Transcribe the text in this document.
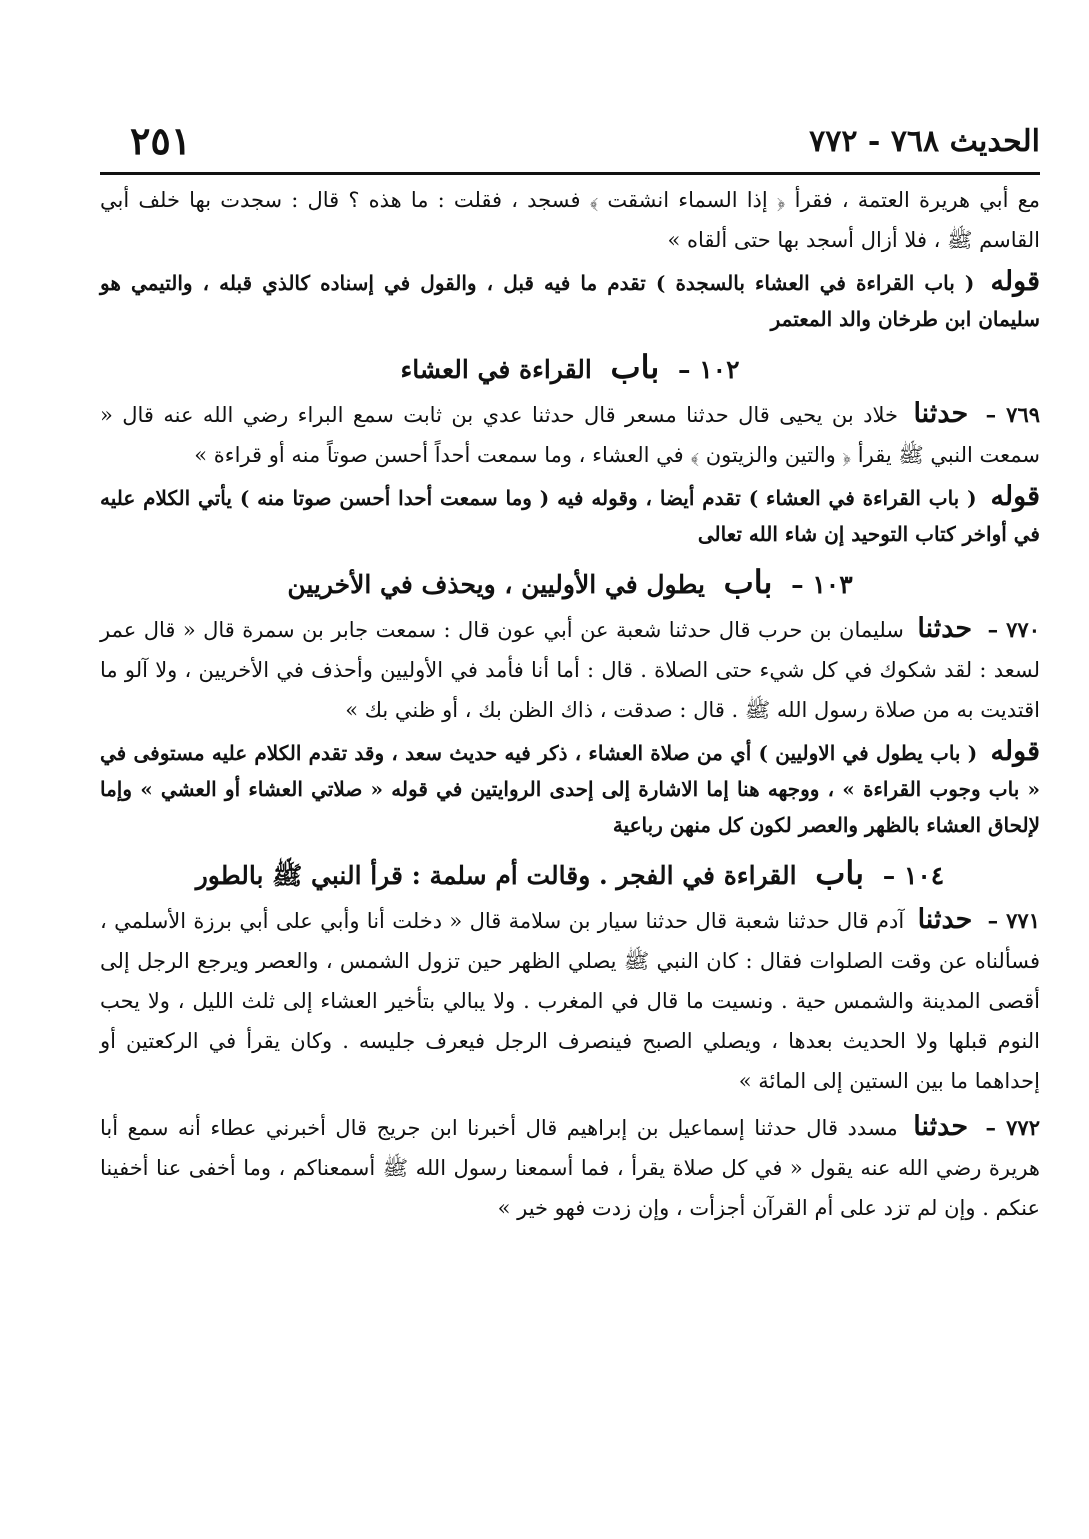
الحديث ٧٦٨ - ٧٧٢
٢٥١

مع أبي هريرة العتمة ، فقرأ ﴿ إذا السماء انشقت ﴾ فسجد ، فقلت : ما هذه ؟ قال : سجدت بها خلف أبي القاسم ﷺ ، فلا أزال أسجد بها حتى ألقاه »

قوله ( باب القراءة في العشاء بالسجدة ) تقدم ما فيه قبل ، والقول في إسناده كالذي قبله ، والتيمي هو سليمان ابن طرخان والد المعتمر

١٠٢ – باب القراءة في العشاء

٧٦٩ – حدثنا خلاد بن يحيى قال حدثنا مسعر قال حدثنا عدي بن ثابت سمع البراء رضي الله عنه قال « سمعت النبي ﷺ يقرأ ﴿ والتين والزيتون ﴾ في العشاء ، وما سمعت أحداً أحسن صوتاً منه أو قراءة »

قوله ( باب القراءة في العشاء ) تقدم أيضا ، وقوله فيه ( وما سمعت أحدا أحسن صوتا منه ) يأتي الكلام عليه في أواخر كتاب التوحيد إن شاء الله تعالى

١٠٣ – باب يطول في الأوليين ، ويحذف في الأخريين

٧٧٠ – حدثنا سليمان بن حرب قال حدثنا شعبة عن أبي عون قال : سمعت جابر بن سمرة قال « قال عمر لسعد : لقد شكوك في كل شيء حتى الصلاة . قال : أما أنا فأمد في الأوليين وأحذف في الأخريين ، ولا آلو ما اقتديت به من صلاة رسول الله ﷺ . قال : صدقت ، ذاك الظن بك ، أو ظني بك »

قوله ( باب يطول في الاوليين ) أي من صلاة العشاء ، ذكر فيه حديث سعد ، وقد تقدم الكلام عليه مستوفى في « باب وجوب القراءة » ، ووجهه هنا إما الاشارة إلى إحدى الروايتين في قوله « صلاتي العشاء أو العشي » وإما لإلحاق العشاء بالظهر والعصر لكون كل منهن رباعية

١٠٤ – باب القراءة في الفجر . وقالت أم سلمة : قرأ النبي ﷺ بالطور

٧٧١ – حدثنا آدم قال حدثنا شعبة قال حدثنا سيار بن سلامة قال « دخلت أنا وأبي على أبي برزة الأسلمي ، فسألناه عن وقت الصلوات فقال : كان النبي ﷺ يصلي الظهر حين تزول الشمس ، والعصر ويرجع الرجل إلى أقصى المدينة والشمس حية . ونسيت ما قال في المغرب . ولا يبالي بتأخير العشاء إلى ثلث الليل ، ولا يحب النوم قبلها ولا الحديث بعدها ، ويصلي الصبح فينصرف الرجل فيعرف جليسه . وكان يقرأ في الركعتين أو إحداهما ما بين الستين إلى المائة »

٧٧٢ – حدثنا مسدد قال حدثنا إسماعيل بن إبراهيم قال أخبرنا ابن جريج قال أخبرني عطاء أنه سمع أبا هريرة رضي الله عنه يقول « في كل صلاة يقرأ ، فما أسمعنا رسول الله ﷺ أسمعناكم ، وما أخفى عنا أخفينا عنكم . وإن لم تزد على أم القرآن أجزأت ، وإن زدت فهو خير »
